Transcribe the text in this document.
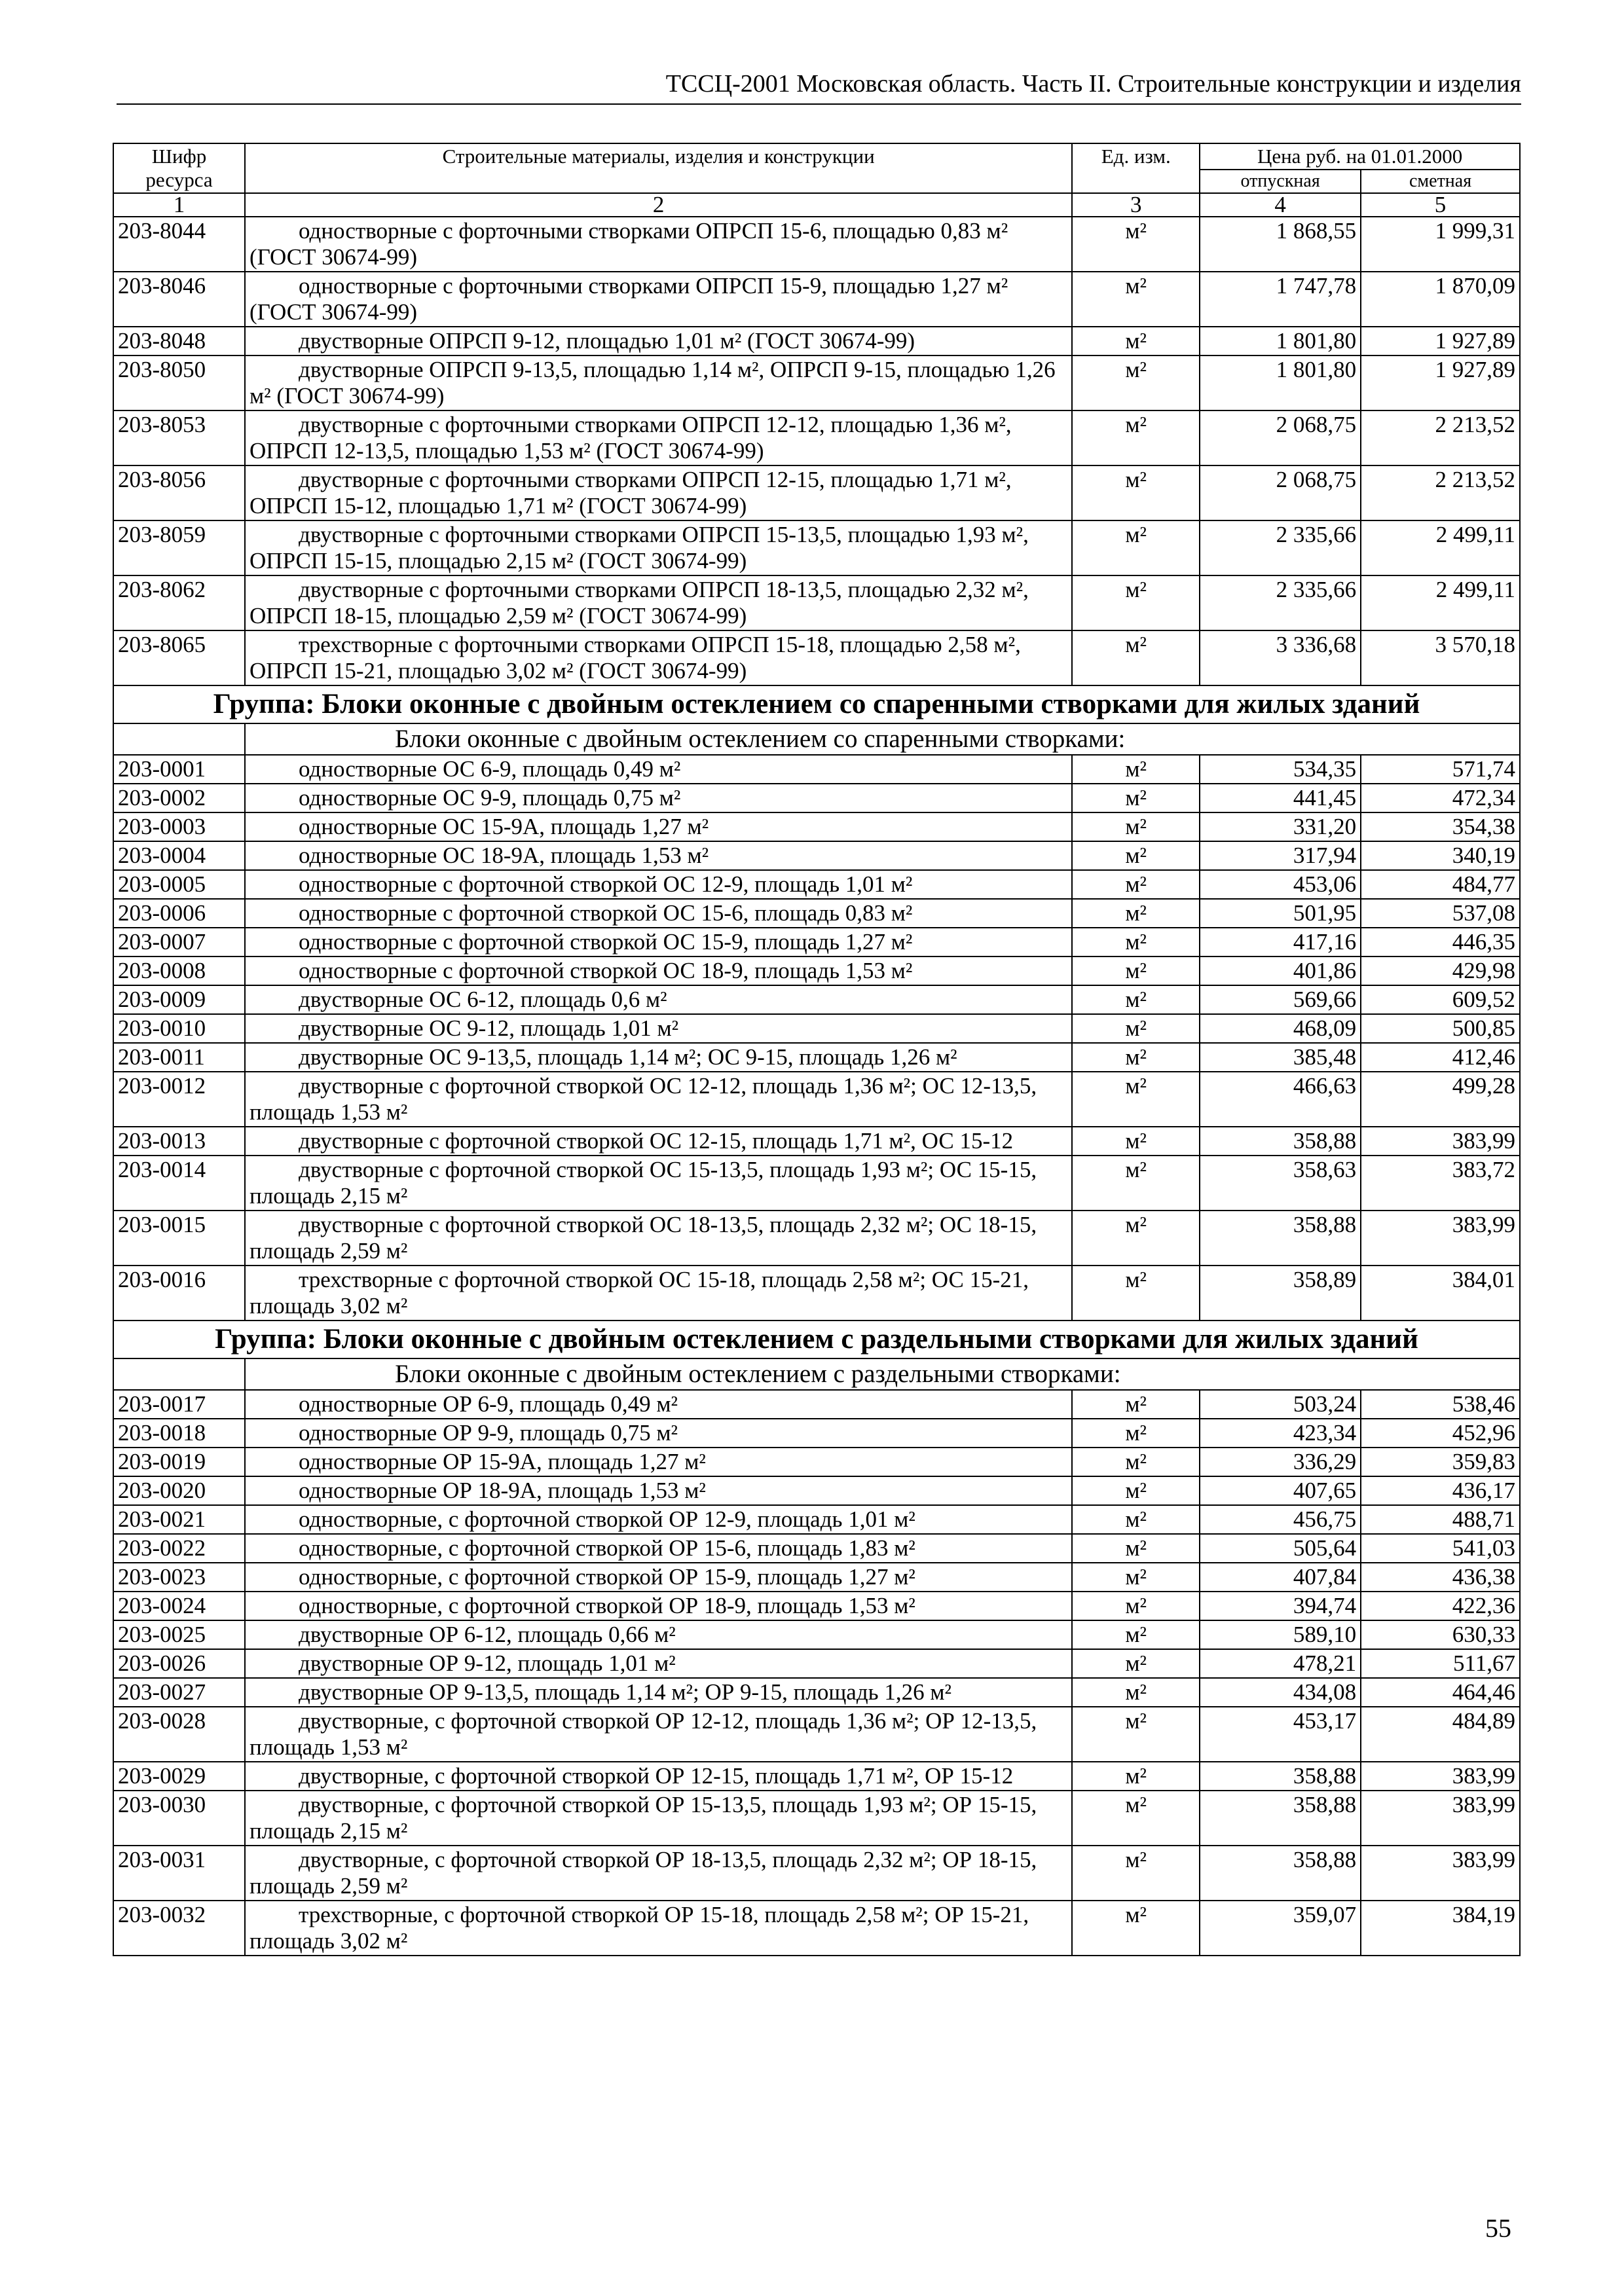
ТССЦ-2001 Московская область. Часть II. Строительные конструкции и изделия
Шифр ресурса	Строительные материалы, изделия и конструкции	Ед. изм.	Цена руб. на 01.01.2000	
			отпускная	сметная
1	2	3	4	5
203-8044	одностворные с форточными створками ОПРСП 15-6, площадью 0,83 м² (ГОСТ 30674-99)	м²	1 868,55	1 999,31
203-8046	одностворные с форточными створками ОПРСП 15-9, площадью 1,27 м² (ГОСТ 30674-99)	м²	1 747,78	1 870,09
203-8048	двустворные ОПРСП 9-12, площадью 1,01 м² (ГОСТ 30674-99)	м²	1 801,80	1 927,89
203-8050	двустворные ОПРСП 9-13,5, площадью 1,14 м², ОПРСП 9-15, площадью 1,26 м² (ГОСТ 30674-99)	м²	1 801,80	1 927,89
203-8053	двустворные с форточными створками ОПРСП 12-12, площадью 1,36 м², ОПРСП 12-13,5, площадью 1,53 м² (ГОСТ 30674-99)	м²	2 068,75	2 213,52
203-8056	двустворные с форточными створками ОПРСП 12-15, площадью 1,71 м², ОПРСП 15-12, площадью 1,71 м² (ГОСТ 30674-99)	м²	2 068,75	2 213,52
203-8059	двустворные с форточными створками ОПРСП 15-13,5, площадью 1,93 м², ОПРСП 15-15, площадью 2,15 м² (ГОСТ 30674-99)	м²	2 335,66	2 499,11
203-8062	двустворные с форточными створками ОПРСП 18-13,5, площадью 2,32 м², ОПРСП 18-15, площадью 2,59 м² (ГОСТ 30674-99)	м²	2 335,66	2 499,11
203-8065	трехстворные с форточными створками ОПРСП 15-18, площадью 2,58 м², ОПРСП 15-21, площадью 3,02 м² (ГОСТ 30674-99)	м²	3 336,68	3 570,18
Группа: Блоки оконные с двойным остеклением со спаренными створками для жилых зданий				
	Блоки оконные с двойным остеклением со спаренными створками:			
203-0001	одностворные ОС 6-9, площадь 0,49 м²	м²	534,35	571,74
203-0002	одностворные ОС 9-9, площадь 0,75 м²	м²	441,45	472,34
203-0003	одностворные ОС 15-9А, площадь 1,27 м²	м²	331,20	354,38
203-0004	одностворные ОС 18-9А, площадь 1,53 м²	м²	317,94	340,19
203-0005	одностворные с форточной створкой ОС 12-9, площадь 1,01 м²	м²	453,06	484,77
203-0006	одностворные с форточной створкой ОС 15-6, площадь 0,83 м²	м²	501,95	537,08
203-0007	одностворные с форточной створкой ОС 15-9, площадь 1,27 м²	м²	417,16	446,35
203-0008	одностворные с форточной створкой ОС 18-9, площадь 1,53 м²	м²	401,86	429,98
203-0009	двустворные ОС 6-12, площадь 0,6 м²	м²	569,66	609,52
203-0010	двустворные ОС 9-12, площадь 1,01 м²	м²	468,09	500,85
203-0011	двустворные ОС 9-13,5, площадь 1,14 м²; ОС 9-15, площадь 1,26 м²	м²	385,48	412,46
203-0012	двустворные с форточной створкой ОС 12-12, площадь 1,36 м²; ОС 12-13,5, площадь 1,53 м²	м²	466,63	499,28
203-0013	двустворные с форточной створкой ОС 12-15, площадь 1,71 м², ОС 15-12	м²	358,88	383,99
203-0014	двустворные с форточной створкой ОС 15-13,5, площадь 1,93 м²; ОС 15-15, площадь 2,15 м²	м²	358,63	383,72
203-0015	двустворные с форточной створкой ОС 18-13,5, площадь 2,32 м²; ОС 18-15, площадь 2,59 м²	м²	358,88	383,99
203-0016	трехстворные с форточной створкой ОС 15-18, площадь 2,58 м²; ОС 15-21, площадь 3,02 м²	м²	358,89	384,01
Группа: Блоки оконные с двойным остеклением с раздельными створками для жилых зданий				
	Блоки оконные с двойным остеклением с раздельными створками:			
203-0017	одностворные ОР 6-9, площадь 0,49 м²	м²	503,24	538,46
203-0018	одностворные ОР 9-9, площадь 0,75 м²	м²	423,34	452,96
203-0019	одностворные ОР 15-9А, площадь 1,27 м²	м²	336,29	359,83
203-0020	одностворные ОР 18-9А, площадь 1,53 м²	м²	407,65	436,17
203-0021	одностворные, с форточной створкой ОР 12-9, площадь 1,01 м²	м²	456,75	488,71
203-0022	одностворные, с форточной створкой ОР 15-6, площадь 1,83 м²	м²	505,64	541,03
203-0023	одностворные, с форточной створкой ОР 15-9, площадь 1,27 м²	м²	407,84	436,38
203-0024	одностворные, с форточной створкой ОР 18-9, площадь 1,53 м²	м²	394,74	422,36
203-0025	двустворные ОР 6-12, площадь 0,66 м²	м²	589,10	630,33
203-0026	двустворные ОР 9-12, площадь 1,01 м²	м²	478,21	511,67
203-0027	двустворные ОР 9-13,5, площадь 1,14 м²; ОР 9-15, площадь 1,26 м²	м²	434,08	464,46
203-0028	двустворные, с форточной створкой ОР 12-12, площадь 1,36 м²; ОР 12-13,5, площадь 1,53 м²	м²	453,17	484,89
203-0029	двустворные, с форточной створкой ОР 12-15, площадь 1,71 м², ОР 15-12	м²	358,88	383,99
203-0030	двустворные, с форточной створкой ОР 15-13,5, площадь 1,93 м²; ОР 15-15, площадь 2,15 м²	м²	358,88	383,99
203-0031	двустворные, с форточной створкой ОР 18-13,5, площадь 2,32 м²; ОР 18-15, площадь 2,59 м²	м²	358,88	383,99
203-0032	трехстворные, с форточной створкой ОР 15-18, площадь 2,58 м²; ОР 15-21, площадь 3,02 м²	м²	359,07	384,19
55
